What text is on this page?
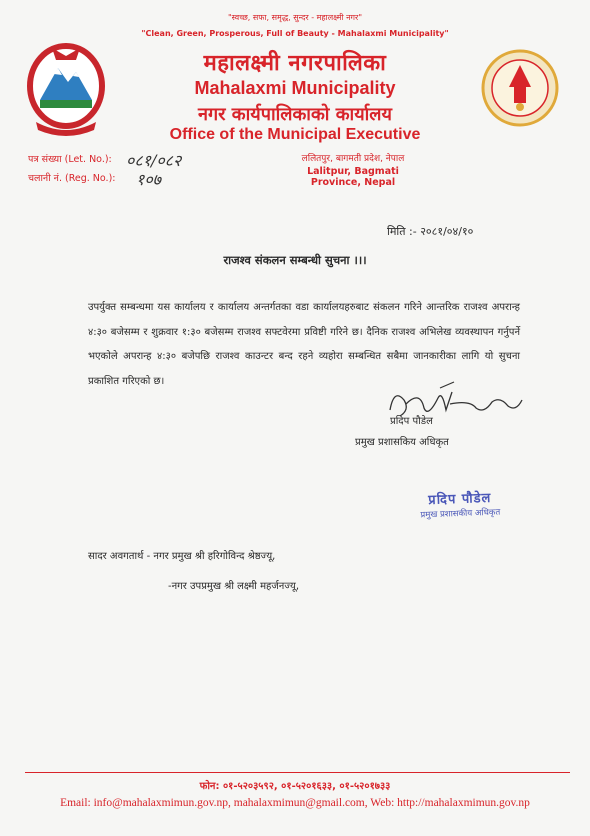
"स्वच्छ, सफा, समृद्ध, सुन्दर - महालक्ष्मी नगर"
"Clean, Green, Prosperous, Full of Beauty - Mahalaxmi Municipality"
महालक्ष्मी नगरपालिका
Mahalaxmi Municipality
नगर कार्यपालिकाको कार्यालय
Office of the Municipal Executive
ललितपुर, बागमती प्रदेश, नेपाल
Lalitpur, Bagmati Province, Nepal
पत्र संख्या (Let. No.): ०८१/०८२
चलानी नं. (Reg. No.): १०७
मिति :- २०८१/०४/१०
राजश्व संकलन सम्बन्धी सुचना ।।।
उपर्युक्त सम्बन्धमा यस कार्यालय र कार्यालय अन्तर्गतका वडा कार्यालयहरुबाट संकलन गरिने आन्तरिक राजश्व अपरान्ह ४:३० बजेसम्म र शुक्रवार १:३० बजेसम्म राजश्व सफ्टवेरमा प्रविष्टी गरिने छ। दैनिक राजश्व अभिलेख व्यवस्थापन गर्नुपर्ने भएकोले अपरान्ह ४:३० बजेपछि राजश्व काउन्टर बन्द रहने व्यहोरा सम्बन्धित सबैमा जानकारीका लागि यो सुचना प्रकाशित गरिएको छ।
प्रदिप पौडेल
प्रमुख प्रशासकिय अधिकृत
प्रदिप पौडेल
प्रमुख प्रशासकीय अधिकृत
सादर अवगतार्थ - नगर प्रमुख श्री हरिगोविन्द श्रेष्ठज्यू,
-नगर उपप्रमुख श्री लक्ष्मी महर्जनज्यू,
फोन: ०१-५२०३५९२, ०१-५२०१६३३, ०१-५२०१७३३
Email: info@mahalaxmimun.gov.np, mahalaxmimun@gmail.com, Web: http://mahalaxmimun.gov.np
